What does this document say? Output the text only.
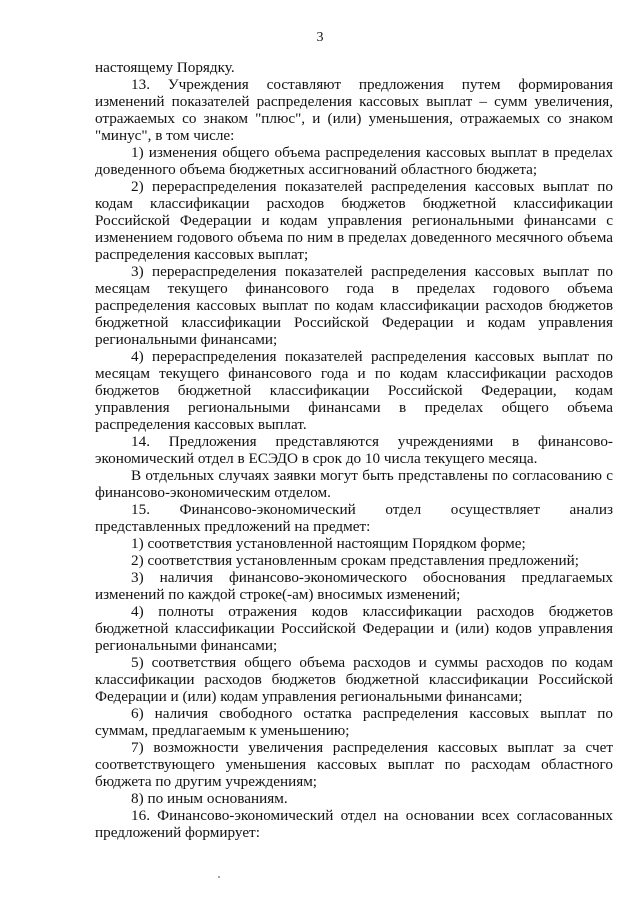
3

настоящему Порядку.

13. Учреждения составляют предложения путем формирования изменений показателей распределения кассовых выплат – сумм увеличения, отражаемых со знаком "плюс", и (или) уменьшения, отражаемых со знаком "минус", в том числе:

1) изменения общего объема распределения кассовых выплат в пределах доведенного объема бюджетных ассигнований областного бюджета;

2) перераспределения показателей распределения кассовых выплат по кодам классификации расходов бюджетов бюджетной классификации Российской Федерации и кодам управления региональными финансами с изменением годового объема по ним в пределах доведенного месячного объема распределения кассовых выплат;

3) перераспределения показателей распределения кассовых выплат по месяцам текущего финансового года в пределах годового объема распределения кассовых выплат по кодам классификации расходов бюджетов бюджетной классификации Российской Федерации и кодам управления региональными финансами;

4) перераспределения показателей распределения кассовых выплат по месяцам текущего финансового года и по кодам классификации расходов бюджетов бюджетной классификации Российской Федерации, кодам управления региональными финансами в пределах общего объема распределения кассовых выплат.

14. Предложения представляются учреждениями в финансово-экономический отдел в ЕСЭДО в срок до 10 числа текущего месяца.

В отдельных случаях заявки могут быть представлены по согласованию с финансово-экономическим отделом.

15. Финансово-экономический отдел осуществляет анализ представленных предложений на предмет:

1) соответствия установленной настоящим Порядком форме;

2) соответствия установленным срокам представления предложений;

3) наличия финансово-экономического обоснования предлагаемых изменений по каждой строке(-ам) вносимых изменений;

4) полноты отражения кодов классификации расходов бюджетов бюджетной классификации Российской Федерации и (или) кодов управления региональными финансами;

5) соответствия общего объема расходов и суммы расходов по кодам классификации расходов бюджетов бюджетной классификации Российской Федерации и (или) кодам управления региональными финансами;

6) наличия свободного остатка распределения кассовых выплат по суммам, предлагаемым к уменьшению;

7) возможности увеличения распределения кассовых выплат за счет соответствующего уменьшения кассовых выплат по расходам областного бюджета по другим учреждениям;

8) по иным основаниям.

16. Финансово-экономический отдел на основании всех согласованных предложений формирует:
